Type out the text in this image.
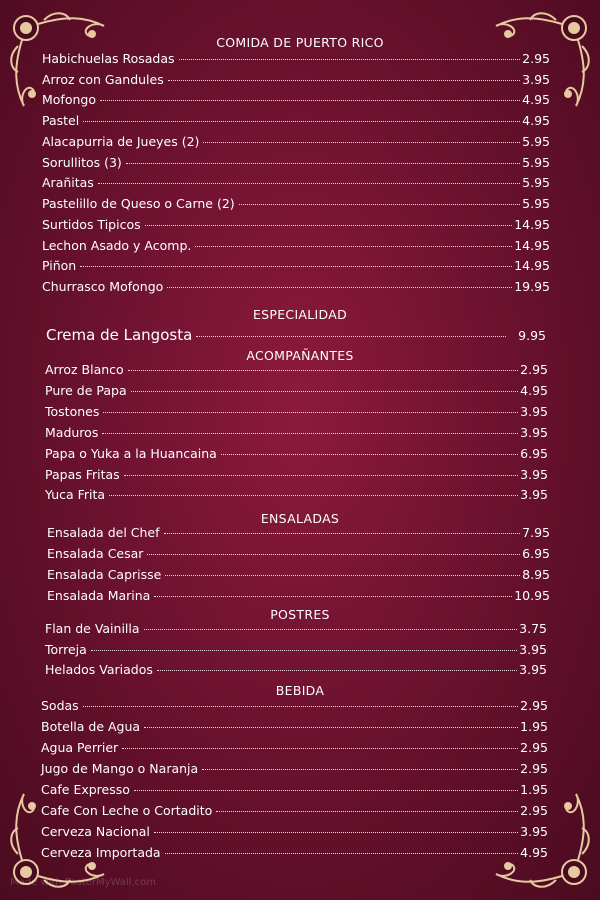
COMIDA DE PUERTO RICO
Habichuelas Rosadas	2.95
Arroz con Gandules	3.95
Mofongo	4.95
Pastel	4.95
Alacapurria de Jueyes (2)	5.95
Sorullitos (3)	5.95
Arañitas	5.95
Pastelillo de Queso o Carne (2)	5.95
Surtidos Tipicos	14.95
Lechon Asado y Acomp.	14.95
Piñon	14.95
Churrasco Mofongo	19.95
ESPECIALIDAD
Crema de Langosta	9.95
ACOMPAÑANTES
Arroz Blanco	2.95
Pure de Papa	4.95
Tostones	3.95
Maduros	3.95
Papa o Yuka a la Huancaina	6.95
Papas Fritas	3.95
Yuca Frita	3.95
ENSALADAS
Ensalada del Chef	7.95
Ensalada Cesar	6.95
Ensalada Caprisse	8.95
Ensalada Marina	10.95
POSTRES
Flan de Vainilla	3.75
Torreja	3.95
Helados Variados	3.95
BEBIDA
Sodas	2.95
Botella de Agua	1.95
Agua Perrier	2.95
Jugo de Mango o Naranja	2.95
Cafe Expresso	1.95
Cafe Con Leche o Cortadito	2.95
Cerveza Nacional	3.95
Cerveza Importada	4.95
Made with PosterMyWall.com
